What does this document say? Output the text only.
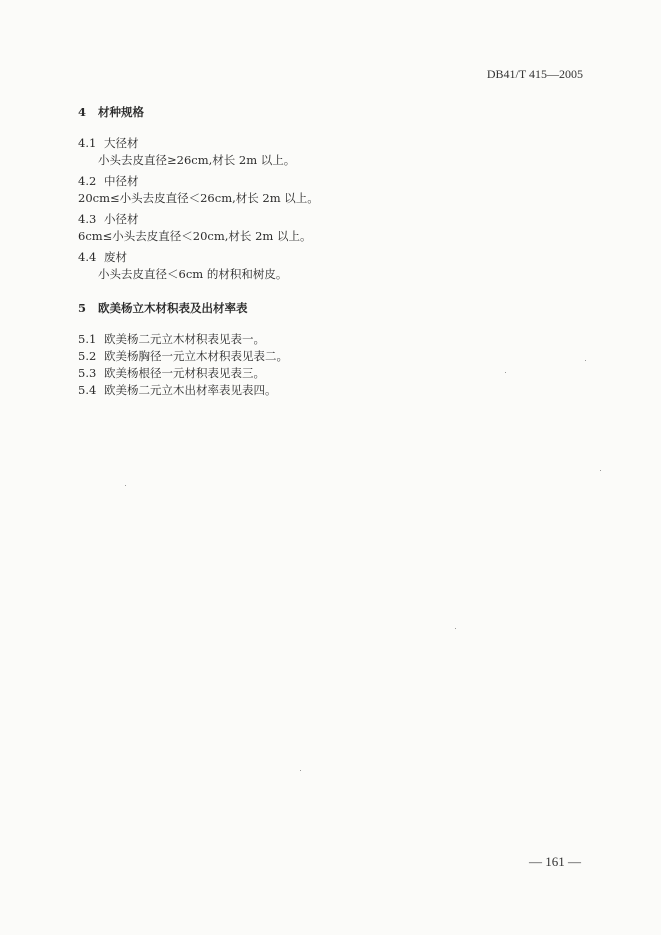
DB41/T 415—2005
4 材种规格
4.1 大径材
小头去皮直径≥26cm,材长 2m 以上。
4.2 中径材
20cm≤小头去皮直径＜26cm,材长 2m 以上。
4.3 小径材
6cm≤小头去皮直径＜20cm,材长 2m 以上。
4.4 废材
小头去皮直径＜6cm 的材积和树皮。
5 欧美杨立木材积表及出材率表
5.1 欧美杨二元立木材积表见表一。
5.2 欧美杨胸径一元立木材积表见表二。
5.3 欧美杨根径一元材积表见表三。
5.4 欧美杨二元立木出材率表见表四。
— 161 —
